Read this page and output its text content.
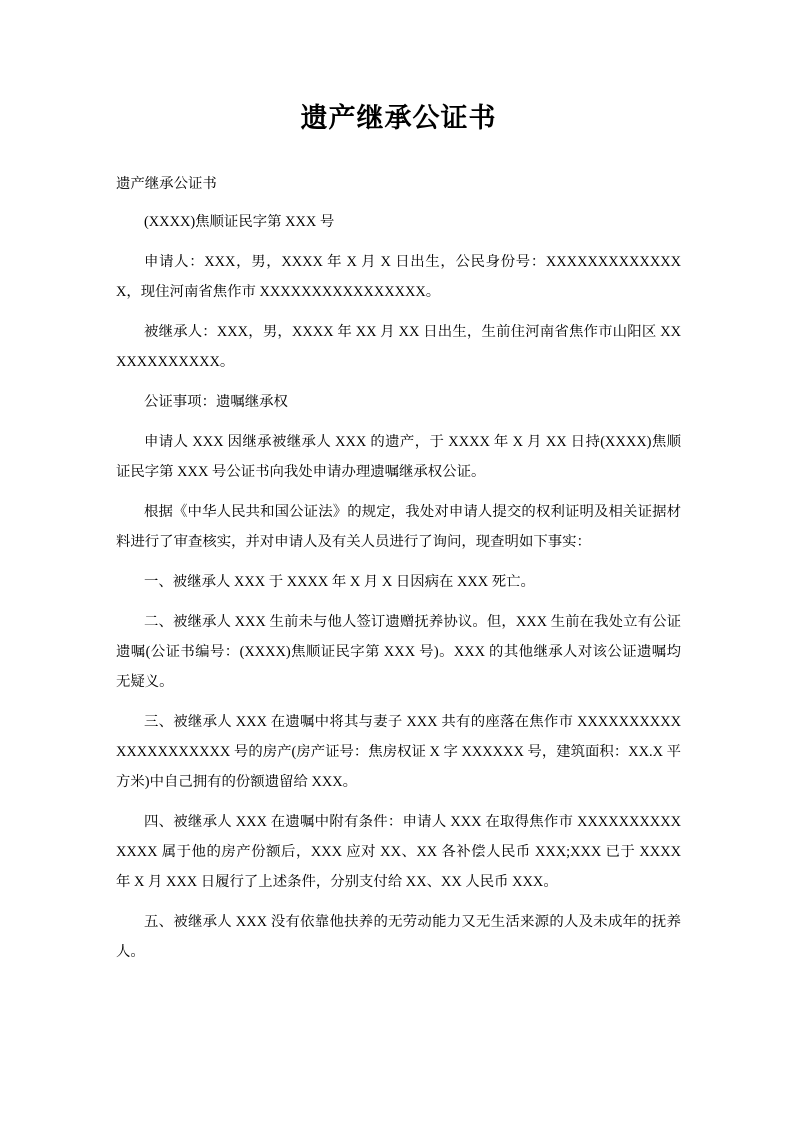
遗产继承公证书

遗产继承公证书

(XXXX)焦顺证民字第 XXX 号

申请人：XXX，男，XXXX 年 X 月 X 日出生，公民身份号：XXXXXXXXXXXXXX，现住河南省焦作市 XXXXXXXXXXXXXXXX。

被继承人：XXX，男，XXXX 年 XX 月 XX 日出生，生前住河南省焦作市山阳区 XXXXXXXXXXXX。

公证事项：遗嘱继承权

申请人 XXX 因继承被继承人 XXX 的遗产，于 XXXX 年 X 月 XX 日持(XXXX)焦顺证民字第 XXX 号公证书向我处申请办理遗嘱继承权公证。

根据《中华人民共和国公证法》的规定，我处对申请人提交的权利证明及相关证据材料进行了审查核实，并对申请人及有关人员进行了询问，现查明如下事实：

一、被继承人 XXX 于 XXXX 年 X 月 X 日因病在 XXX 死亡。

二、被继承人 XXX 生前未与他人签订遗赠抚养协议。但，XXX 生前在我处立有公证遗嘱(公证书编号：(XXXX)焦顺证民字第 XXX 号)。XXX 的其他继承人对该公证遗嘱均无疑义。

三、被继承人 XXX 在遗嘱中将其与妻子 XXX 共有的座落在焦作市 XXXXXXXXXXXXXXXXXXXXX 号的房产(房产证号：焦房权证 X 字 XXXXXX 号，建筑面积：XX.X 平方米)中自己拥有的份额遗留给 XXX。

四、被继承人 XXX 在遗嘱中附有条件：申请人 XXX 在取得焦作市 XXXXXXXXXXXXXX 属于他的房产份额后，XXX 应对 XX、XX 各补偿人民币 XXX;XXX 已于 XXXX 年 X 月 XXX 日履行了上述条件，分别支付给 XX、XX 人民币 XXX。

五、被继承人 XXX 没有依靠他扶养的无劳动能力又无生活来源的人及未成年的抚养人。
